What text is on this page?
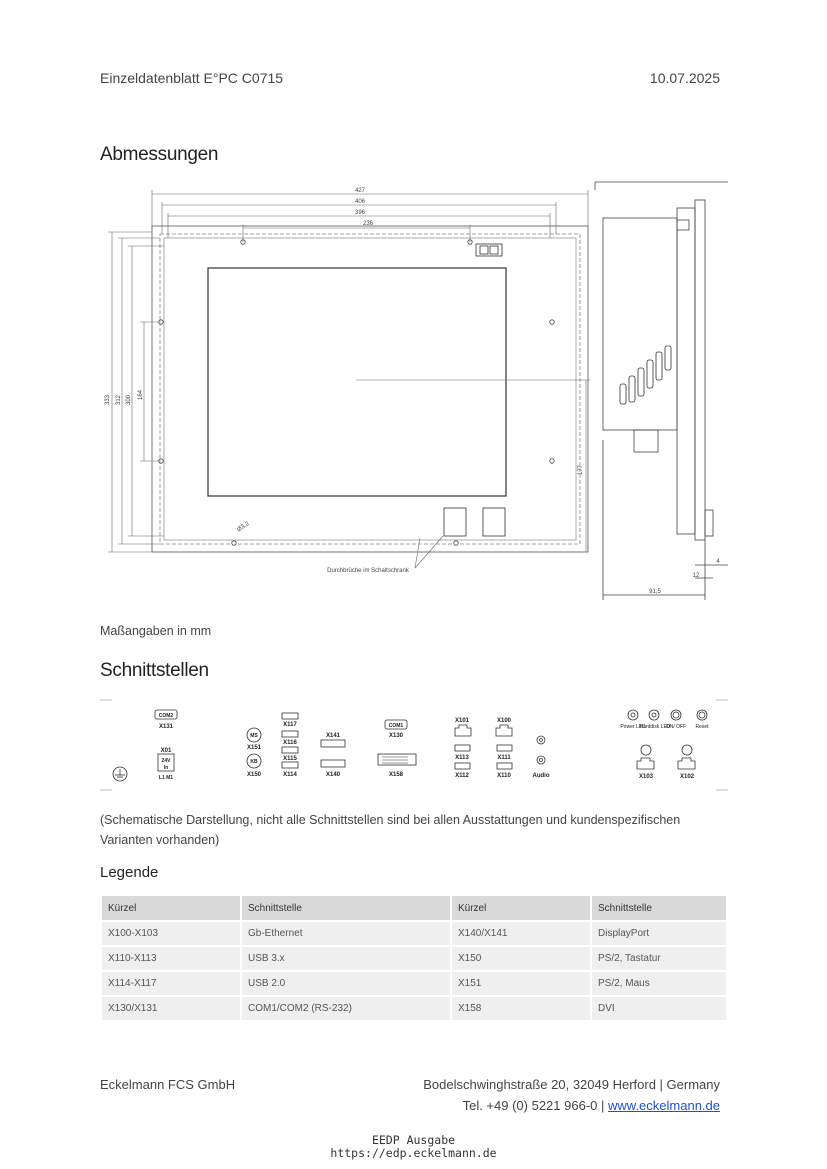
Einzeldatenblatt E°PC C0715	10.07.2025
Abmessungen
427
406
396
236
333 312 300 164
177
Ø3,2
Durchbrüche im Schaltschrank
4
12
91,5
Maßangaben in mm
Schnittstellen
COM2
X131
X01
24V
In
L1 M1
MS
X151
KB
X150
X117
X116
X115
X114
X141
X140
COM1
X130
X158
X101	X100
X113	X111
X112	X110	Audio
Power LED
Harddisk LED
ON/ OFF Reset
X103	X102
(Schematische Darstellung, nicht alle Schnittstellen sind bei allen Ausstattungen und kundenspezifischen Varianten vorhanden)
Legende
Kürzel	Schnittstelle	Kürzel	Schnittstelle
X100-X103	Gb-Ethernet	X140/X141	DisplayPort
X110-X113	USB 3.x	X150	PS/2, Tastatur
X114-X117	USB 2.0	X151	PS/2, Maus
X130/X131	COM1/COM2 (RS-232)	X158	DVI
Eckelmann FCS GmbH	Bodelschwinghstraße 20, 32049 Herford | Germany
Tel. +49 (0) 5221 966-0 | www.eckelmann.de
EEDP Ausgabe
https://edp.eckelmann.de
